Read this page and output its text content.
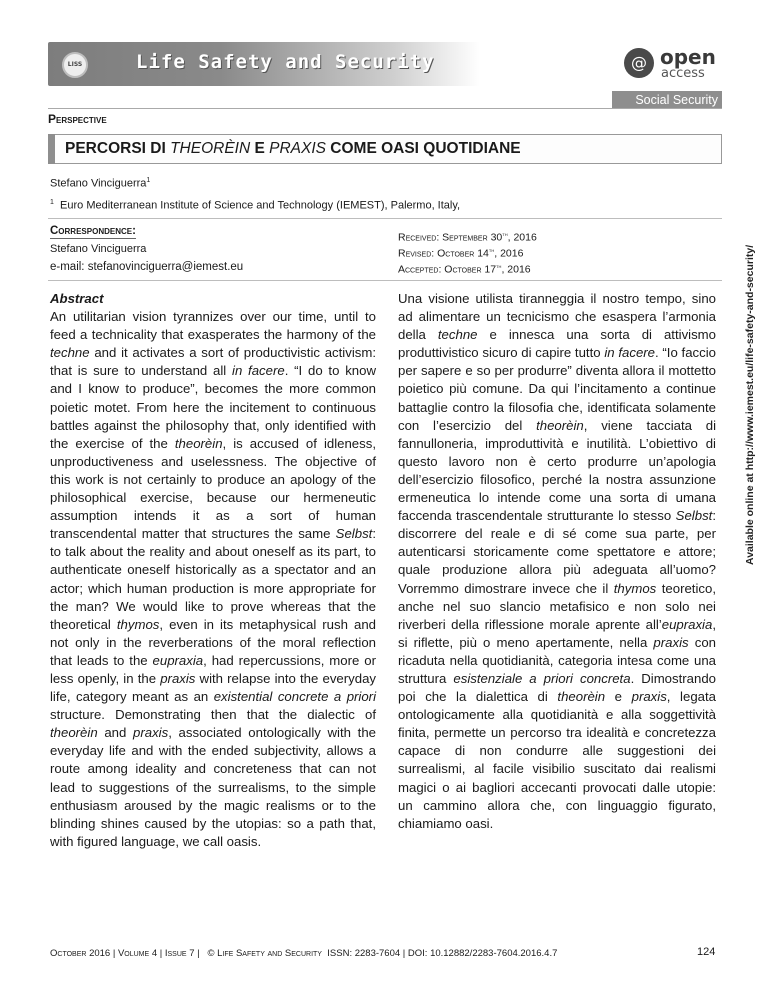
LISS	Life Safety and Security	@ open
access
Social Security
Perspective
PERCORSI DI THEORÈIN E PRAXIS COME OASI QUOTIDIANE
Stefano Vinciguerra$^1$
$^1$ Euro Mediterranean Institute of Science and Technology (IEMEST), Palermo, Italy,
Correspondence:
Stefano Vinciguerra
e-mail: stefanovinciguerra@iemest.eu
Received: September 30th, 2016
Revised: October 14th, 2016
Accepted: October 17th, 2016
Abstract
An utilitarian vision tyrannizes over our time, until to feed a technicality that exasperates the harmony of the techne and it activates a sort of productivistic activism: that is sure to understand all in facere. “I do to know and I know to produce”, becomes the more common poietic motet. From here the incitement to continuous battles against the philosophy that, only identified with the exercise of the theorèin, is accused of idleness, unproductiveness and uselessness. The objective of this work is not certainly to produce an apology of the philosophical exercise, because our hermeneutic assumption intends it as a sort of human transcendental matter that structures the same Selbst: to talk about the reality and about oneself as its part, to authenticate oneself historically as a spectator and an actor; which human production is more appropriate for the man? We would like to prove whereas that the theoretical thymos, even in its metaphysical rush and not only in the reverberations of the moral reflection that leads to the eupraxia, had repercussions, more or less openly, in the praxis with relapse into the everyday life, category meant as an existential concrete a priori structure. Demonstrating then that the dialectic of theorèin and praxis, associated ontologically with the everyday life and with the ended subjectivity, allows a route among ideality and concreteness that can not lead to suggestions of the surrealisms, to the simple enthusiasm aroused by the magic realisms or to the blinding shines caused by the utopias: so a path that, with figured language, we call oasis.

Una visione utilista tiranneggia il nostro tempo, sino ad alimentare un tecnicismo che esaspera l’armonia della techne e innesca una sorta di attivismo produttivistico sicuro di capire tutto in facere. “Io faccio per sapere e so per produrre” diventa allora il mottetto poietico più comune. Da qui l’incitamento a continue battaglie contro la filosofia che, identificata solamente con l’esercizio del theorèin, viene tacciata di fannulloneria, improduttività e inutilità. L’obiettivo di questo lavoro non è certo produrre un’apologia dell’esercizio filosofico, perché la nostra assunzione ermeneutica lo intende come una sorta di umana faccenda trascendentale strutturante lo stesso Selbst: discorrere del reale e di sé come sua parte, per autenticarsi storicamente come spettatore e attore; quale produzione allora più adeguata all’uomo? Vorremmo dimostrare invece che il thymos teoretico, anche nel suo slancio metafisico e non solo nei riverberi della riflessione morale aprente all’eupraxia, si riflette, più o meno apertamente, nella praxis con ricaduta nella quotidianità, categoria intesa come una struttura esistenziale a priori concreta. Dimostrando poi che la dialettica di theorèin e praxis, legata ontologicamente alla quotidianità e alla soggettività finita, permette un percorso tra idealità e concretezza capace di non condurre alle suggestioni dei surrealismi, al facile visibilio suscitato dai realismi magici o ai bagliori accecanti provocati dalle utopie: un cammino allora che, con linguaggio figurato, chiamiamo oasi.

Available online at http://www.iemest.eu/life-safety-and-security/
October 2016 | Volume 4 | Issue 7 | © Life Safety and Security ISSN: 2283-7604 | DOI: 10.12882/2283-7604.2016.4.7	124
